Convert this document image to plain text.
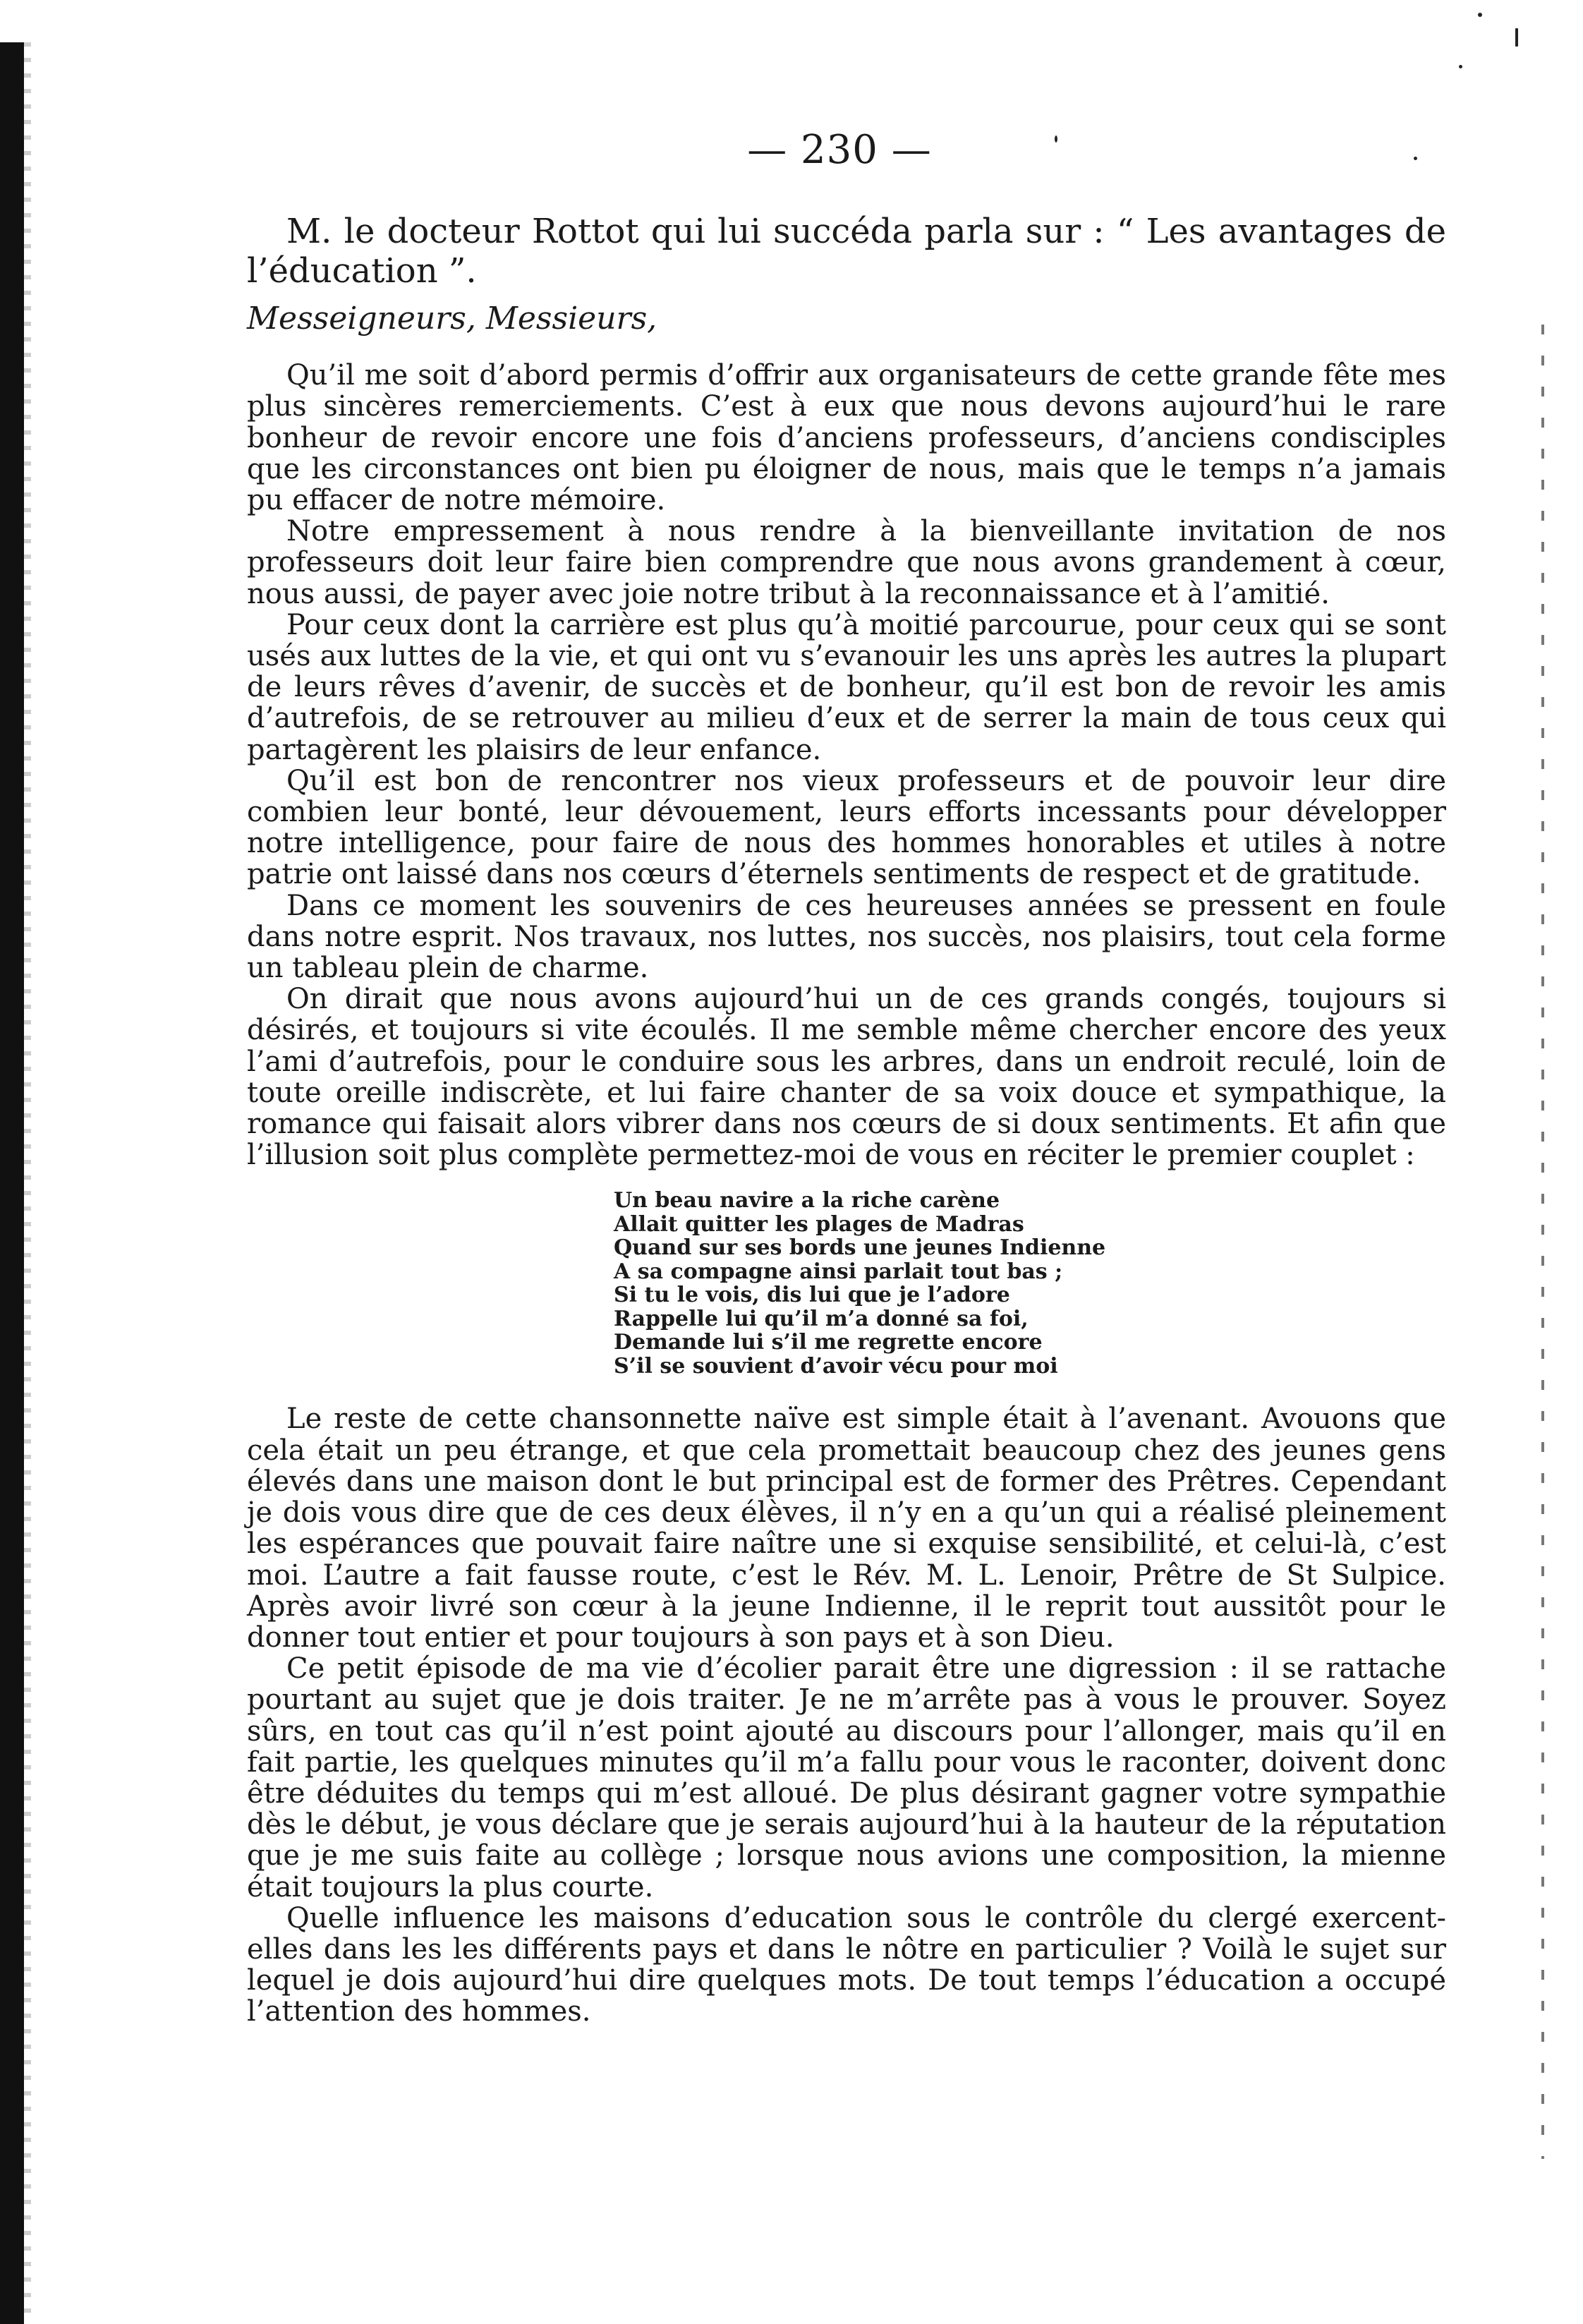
— 230 —

M. le docteur Rottot qui lui succéda parla sur : “ Les avantages de l’éducation ”.

Messeigneurs, Messieurs,

Qu’il me soit d’abord permis d’offrir aux organisateurs de cette grande fête mes plus sincères remerciements. C’est à eux que nous devons aujourd’hui le rare bonheur de revoir encore une fois d’anciens professeurs, d’anciens condisciples que les circonstances ont bien pu éloigner de nous, mais que le temps n’a jamais pu effacer de notre mémoire.

Notre empressement à nous rendre à la bienveillante invitation de nos professeurs doit leur faire bien comprendre que nous avons grandement à cœur, nous aussi, de payer avec joie notre tribut à la reconnaissance et à l’amitié.

Pour ceux dont la carrière est plus qu’à moitié parcourue, pour ceux qui se sont usés aux luttes de la vie, et qui ont vu s’evanouir les uns après les autres la plupart de leurs rêves d’avenir, de succès et de bonheur, qu’il est bon de revoir les amis d’autrefois, de se retrouver au milieu d’eux et de serrer la main de tous ceux qui partagèrent les plaisirs de leur enfance.

Qu’il est bon de rencontrer nos vieux professeurs et de pouvoir leur dire combien leur bonté, leur dévouement, leurs efforts incessants pour développer notre intelligence, pour faire de nous des hommes honorables et utiles à notre patrie ont laissé dans nos cœurs d’éternels sentiments de respect et de gratitude.

Dans ce moment les souvenirs de ces heureuses années se pressent en foule dans notre esprit. Nos travaux, nos luttes, nos succès, nos plaisirs, tout cela forme un tableau plein de charme.

On dirait que nous avons aujourd’hui un de ces grands congés, toujours si désirés, et toujours si vite écoulés. Il me semble même chercher encore des yeux l’ami d’autrefois, pour le conduire sous les arbres, dans un endroit reculé, loin de toute oreille indiscrète, et lui faire chanter de sa voix douce et sympathique, la romance qui faisait alors vibrer dans nos cœurs de si doux sentiments. Et afin que l’illusion soit plus complète permettez-moi de vous en réciter le premier couplet :

Un beau navire a la riche carène
Allait quitter les plages de Madras
Quand sur ses bords une jeunes Indienne
A sa compagne ainsi parlait tout bas ;
Si tu le vois, dis lui que je l’adore
Rappelle lui qu’il m’a donné sa foi,
Demande lui s’il me regrette encore
S’il se souvient d’avoir vécu pour moi

Le reste de cette chansonnette naïve est simple était à l’avenant. Avouons que cela était un peu étrange, et que cela promettait beaucoup chez des jeunes gens élevés dans une maison dont le but principal est de former des Prêtres. Cependant je dois vous dire que de ces deux élèves, il n’y en a qu’un qui a réalisé pleinement les espérances que pouvait faire naître une si exquise sensibilité, et celui-là, c’est moi. L’autre a fait fausse route, c’est le Rév. M. L. Lenoir, Prêtre de St Sulpice. Après avoir livré son cœur à la jeune Indienne, il le reprit tout aussitôt pour le donner tout entier et pour toujours à son pays et à son Dieu.

Ce petit épisode de ma vie d’écolier parait être une digression : il se rattache pourtant au sujet que je dois traiter. Je ne m’arrête pas à vous le prouver. Soyez sûrs, en tout cas qu’il n’est point ajouté au discours pour l’allonger, mais qu’il en fait partie, les quelques minutes qu’il m’a fallu pour vous le raconter, doivent donc être déduites du temps qui m’est alloué. De plus désirant gagner votre sympathie dès le début, je vous déclare que je serais aujourd’hui à la hauteur de la réputation que je me suis faite au collège ; lorsque nous avions une composition, la mienne était toujours la plus courte.

Quelle influence les maisons d’education sous le contrôle du clergé exercent-elles dans les les différents pays et dans le nôtre en particulier ? Voilà le sujet sur lequel je dois aujourd’hui dire quelques mots. De tout temps l’éducation a occupé l’attention des hommes.
